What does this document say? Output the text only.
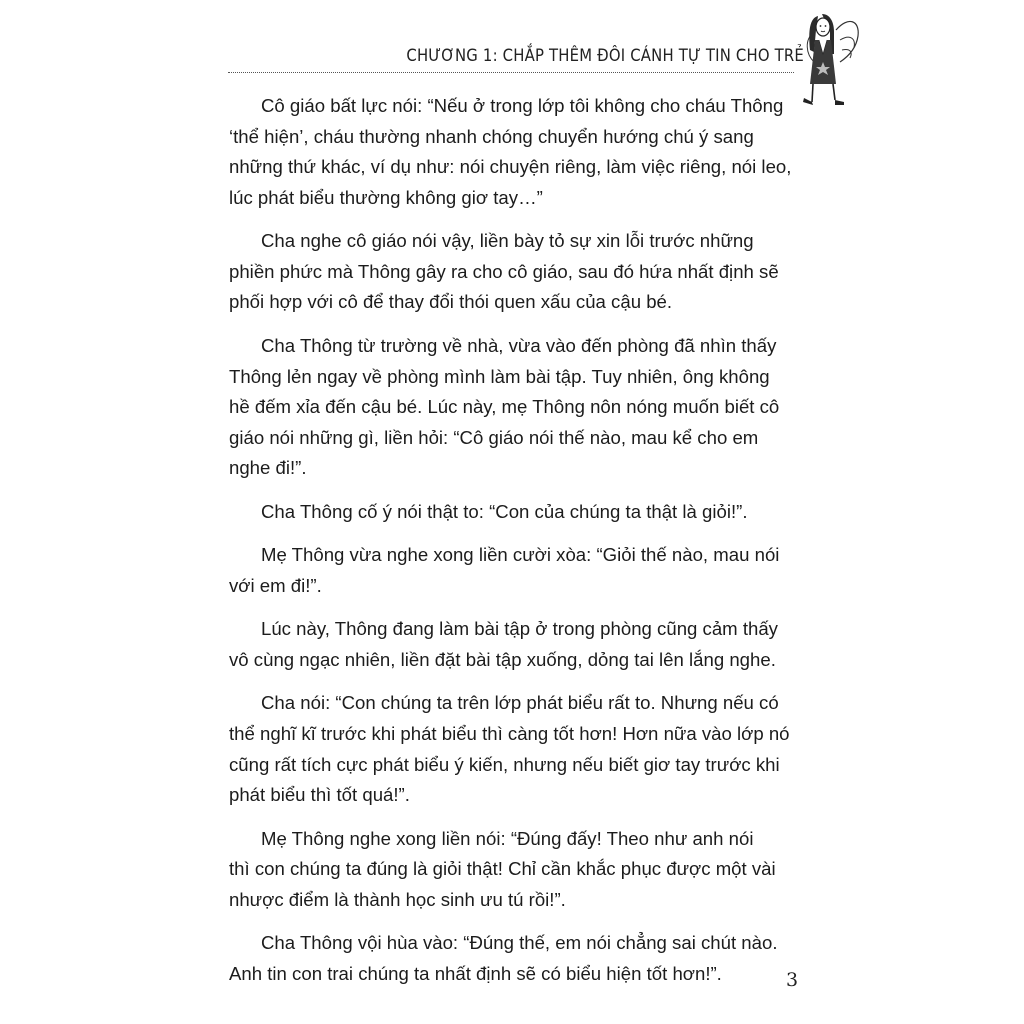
CHƯƠNG 1: CHẮP THÊM ĐÔI CÁNH TỰ TIN CHO TRẺ

Cô giáo bất lực nói: “Nếu ở trong lớp tôi không cho cháu Thông
‘thể hiện’, cháu thường nhanh chóng chuyển hướng chú ý sang
những thứ khác, ví dụ như: nói chuyện riêng, làm việc riêng, nói leo,
lúc phát biểu thường không giơ tay…”

Cha nghe cô giáo nói vậy, liền bày tỏ sự xin lỗi trước những
phiền phức mà Thông gây ra cho cô giáo, sau đó hứa nhất định sẽ
phối hợp với cô để thay đổi thói quen xấu của cậu bé.

Cha Thông từ trường về nhà, vừa vào đến phòng đã nhìn thấy
Thông lẻn ngay về phòng mình làm bài tập. Tuy nhiên, ông không
hề đếm xỉa đến cậu bé. Lúc này, mẹ Thông nôn nóng muốn biết cô
giáo nói những gì, liền hỏi: “Cô giáo nói thế nào, mau kể cho em
nghe đi!”.

Cha Thông cố ý nói thật to: “Con của chúng ta thật là giỏi!”.

Mẹ Thông vừa nghe xong liền cười xòa: “Giỏi thế nào, mau nói
với em đi!”.

Lúc này, Thông đang làm bài tập ở trong phòng cũng cảm thấy
vô cùng ngạc nhiên, liền đặt bài tập xuống, dỏng tai lên lắng nghe.

Cha nói: “Con chúng ta trên lớp phát biểu rất to. Nhưng nếu có
thể nghĩ kĩ trước khi phát biểu thì càng tốt hơn! Hơn nữa vào lớp nó
cũng rất tích cực phát biểu ý kiến, nhưng nếu biết giơ tay trước khi
phát biểu thì tốt quá!”.

Mẹ Thông nghe xong liền nói: “Đúng đấy! Theo như anh nói
thì con chúng ta đúng là giỏi thật! Chỉ cần khắc phục được một vài
nhược điểm là thành học sinh ưu tú rồi!”.

Cha Thông vội hùa vào: “Đúng thế, em nói chẳng sai chút nào.
Anh tin con trai chúng ta nhất định sẽ có biểu hiện tốt hơn!”.	3
